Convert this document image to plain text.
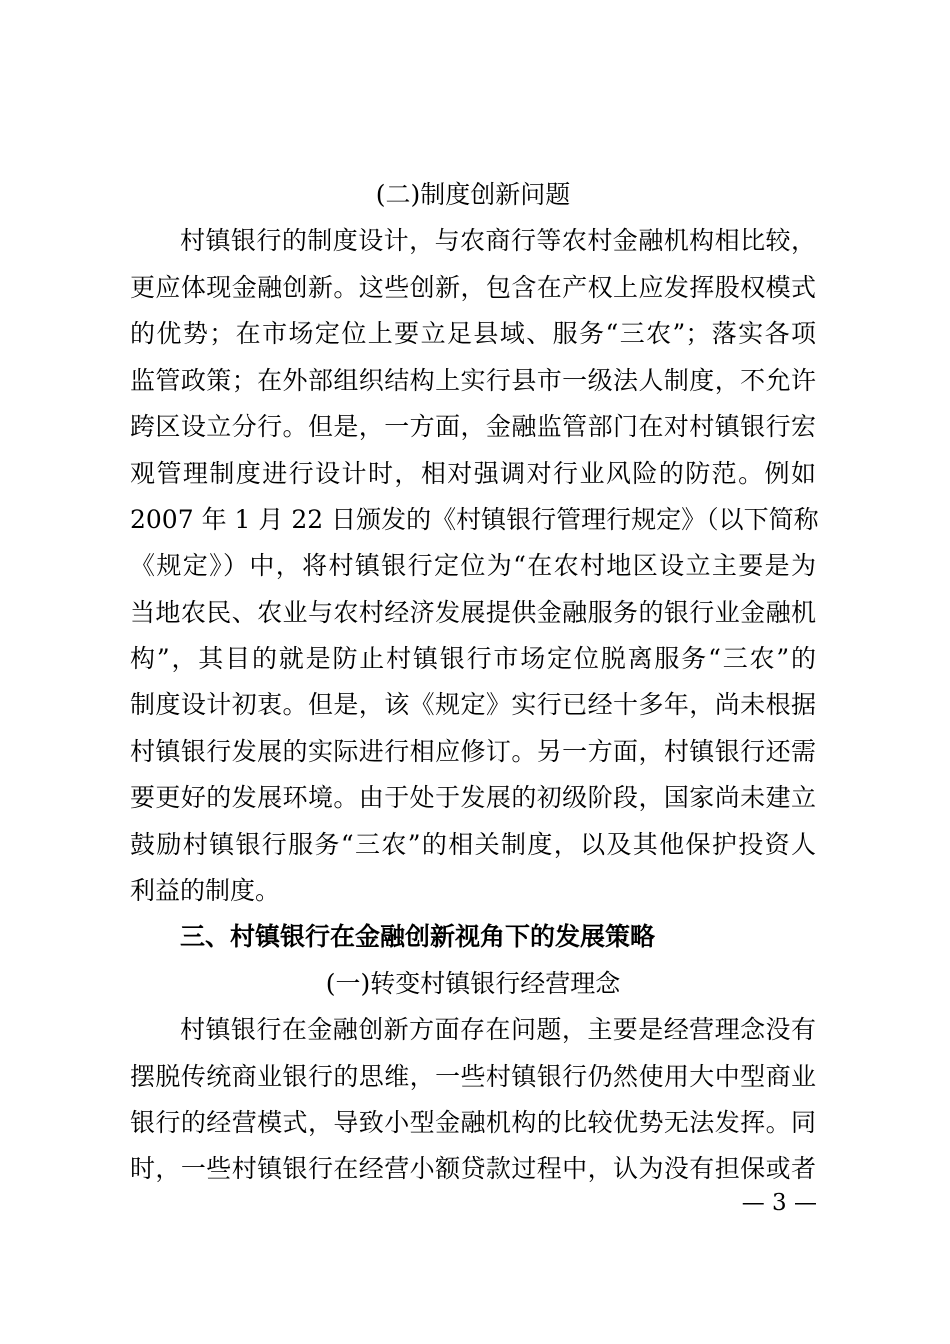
(二)制度创新问题
村镇银行的制度设计，与农商行等农村金融机构相比较，
更应体现金融创新。这些创新，包含在产权上应发挥股权模式
的优势；在市场定位上要立足县域、服务“三农”；落实各项
监管政策；在外部组织结构上实行县市一级法人制度，不允许
跨区设立分行。但是，一方面，金融监管部门在对村镇银行宏
观管理制度进行设计时，相对强调对行业风险的防范。例如
2007 年 1 月 22 日颁发的《村镇银行管理行规定》（以下简称
《规定》）中，将村镇银行定位为“在农村地区设立主要是为
当地农民、农业与农村经济发展提供金融服务的银行业金融机
构”，其目的就是防止村镇银行市场定位脱离服务“三农”的
制度设计初衷。但是，该《规定》实行已经十多年，尚未根据
村镇银行发展的实际进行相应修订。另一方面，村镇银行还需
要更好的发展环境。由于处于发展的初级阶段，国家尚未建立
鼓励村镇银行服务“三农”的相关制度，以及其他保护投资人
利益的制度。
三、村镇银行在金融创新视角下的发展策略
(一)转变村镇银行经营理念
村镇银行在金融创新方面存在问题，主要是经营理念没有
摆脱传统商业银行的思维，一些村镇银行仍然使用大中型商业
银行的经营模式，导致小型金融机构的比较优势无法发挥。同
时，一些村镇银行在经营小额贷款过程中，认为没有担保或者
— 3 —
